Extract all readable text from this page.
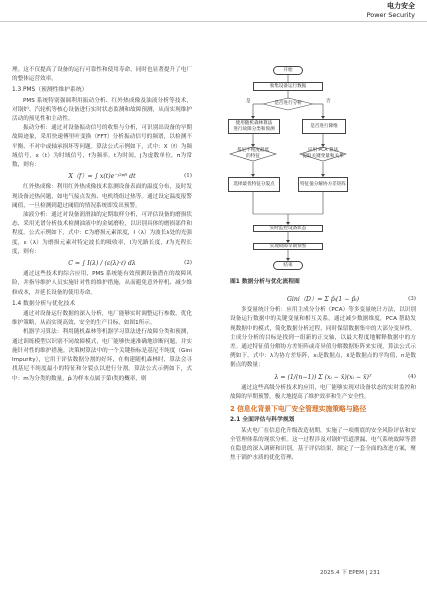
电力安全
Power Security

理。这不仅提高了设备的运行可靠性和使用寿命，同时也显著提升了电厂的整体运营效率。

1.3 PMS（预测性维护系统）

PMS 系统特别强调利用振动分析、红外热成像及油液分析等技术，对锅炉、汽轮机等核心设备进行实时状态监测和故障预测，从而实现维护活动的预见性和主动性。

振动分析：通过对设备振动信号的收集与分析，可识别出设备的早期故障迹象，采用快速傅里叶变换（FFT）分析振动信号的频谱，以检测不平衡、不对中或轴承损坏等问题。算法公式示例如下，式中：X（f）为频域信号，x（t）为时域信号，f为频率，t为时间，j为虚数单位，π为常数，则有：

X（f）= ∫ x(t)e⁻ʲ²ᵖᶠᵗ dt	(1)

红外热成像：利用红外热成像技术监测设备表面的温度分布，及时发现设备过热问题，如电气接点发热、电机绕组过热等。通过设定温度报警阈值，一旦检测到超过阈值的情况系统即发出预警。

油液分析：通过对设备润滑油的定期取样分析，可评估设备的磨损状态，采用光谱分析技术检测油液中的金属磨粒，以识别具体的磨损部件和程度。公式示例如下，式中：C为磨损元素浓度，I（λ）为波长λ处的光强度，ε（λ）为磨损元素对特定波长的吸收率，l为光路长度，ℓ为光程长度，则有：

C = ∫ I(λ) / (ε(λ)·ℓ) dλ	(2)

通过这些技术的综合应用，PMS 系统能有效预测设备潜在的故障风险，并指导维护人员实施针对性的维护措施，从而避免意外停机、减少维修成本，并延长设备的使用寿命。

1.4 数据分析与优化技术

通过对设备运行数据的深入分析，电厂能够实时调整运行参数，优化维护策略，从而实现高效、安全的生产目标，如图1所示。

机器学习算法：利用随机森林等机器学习算法进行故障分类和预测，通过训练模型以识别不同故障模式，电厂能够快速准确地诊断问题，并实施针对性的维护措施。决策树算法中的一个关键指标是基尼不纯度（Gini Impurity），它用于评估数据分割的好坏，在构建随机森林时，算法会寻找基尼不纯度最小的特征和分裂点以进行分割。算法公式示例如下，式中：m为分类的数量，p̂ᵢ为样本点属于第i类的概率，则

开始
收集设备运行数据
是否进行分析
使用随机森林算法
进行故障分类和预测
是否进行降维
基尼不纯度最低
的特征
应用 PCA 算法
提取关键变量和关系
选择最优特征分裂点	特征值分解协方差矩阵
实时监控设备状态
实现故障早期预警
结束
是	否
图1 数据分析与优化流程图
Gini（D）= Σ p̂ᵢ(1 − p̂ᵢ)	(3)

多变量统计分析：应用主成分分析（PCA）等多变量统计方法，以识别设备运行数据中的关键变量和相互关系。通过减少数据维度，PCA 帮助发现数据中的模式，简化数据分析过程，同时保留数据集中的大部分变异性。主成分分析的目标是找到一组新的正交轴，以最大程度地解释数据中的方差。通过特征值分解协方差矩阵或奇异值分解数据矩阵来实现，算法公式示例如下，式中：λ为协方差矩阵，xᵢ是数据点，x̄是数据点的平均值，n是数据点的数量：

λ = (1/(n−1)) Σ (xᵢ − x̄)(xᵢ − x̄)ᵀ	(4)

通过这些高级分析技术的应用，电厂能够实现对设备状态的实时监控和故障的早期预警，极大地提高了维护效率和生产安全性。

2 信息化背景下电厂安全管理实施策略与路径
2.1 全面评估与科学规划

某火电厂在信息化升级改造初期，实施了一项彻底的安全风险评估和安全管理体系的现状分析。这一过程涉及对锅炉管道泄漏、电气系统故障等潜在隐患的深入调研和识别，基于评估结果，制定了一套全面的改进方案，聚焦于锅炉水质的优化管理、

2025.4 下 EPEM | 231
